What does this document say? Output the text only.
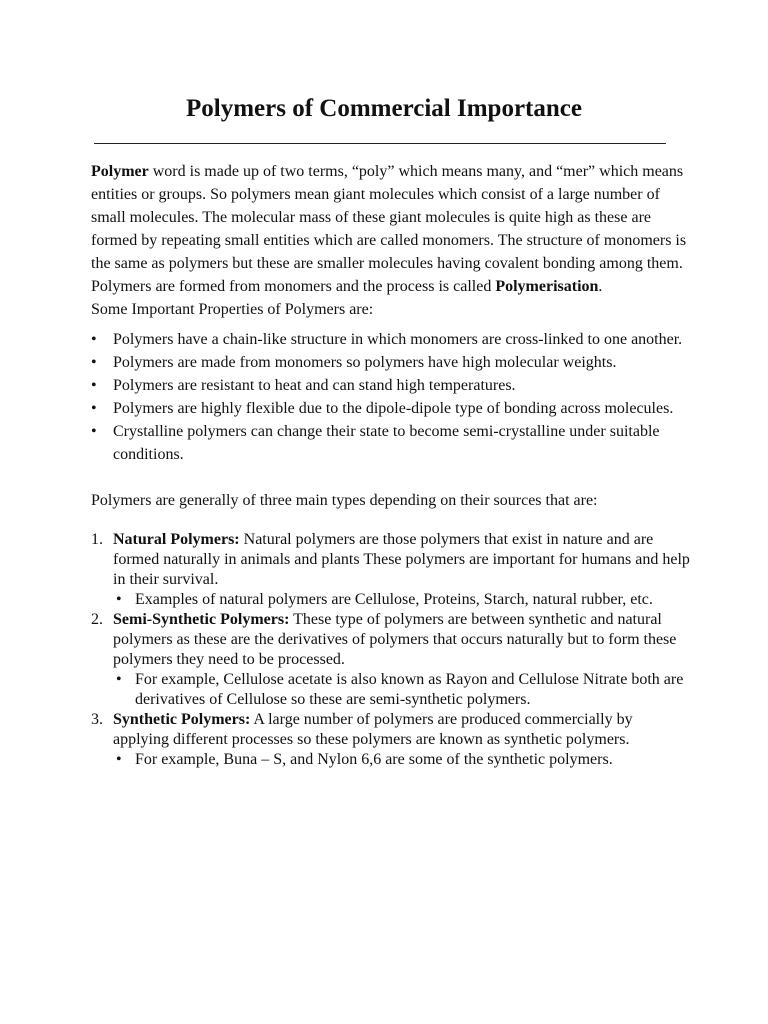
Polymers of Commercial Importance

Polymer word is made up of two terms, “poly” which means many, and “mer” which means entities or groups. So polymers mean giant molecules which consist of a large number of small molecules. The molecular mass of these giant molecules is quite high as these are formed by repeating small entities which are called monomers. The structure of monomers is the same as polymers but these are smaller molecules having covalent bonding among them. Polymers are formed from monomers and the process is called Polymerisation.

Some Important Properties of Polymers are:

• Polymers have a chain-like structure in which monomers are cross-linked to one another.
• Polymers are made from monomers so polymers have high molecular weights.
• Polymers are resistant to heat and can stand high temperatures.
• Polymers are highly flexible due to the dipole-dipole type of bonding across molecules.
• Crystalline polymers can change their state to become semi-crystalline under suitable conditions.

Polymers are generally of three main types depending on their sources that are:

1. Natural Polymers: Natural polymers are those polymers that exist in nature and are formed naturally in animals and plants These polymers are important for humans and help in their survival.
• Examples of natural polymers are Cellulose, Proteins, Starch, natural rubber, etc.
2. Semi-Synthetic Polymers: These type of polymers are between synthetic and natural polymers as these are the derivatives of polymers that occurs naturally but to form these polymers they need to be processed.
• For example, Cellulose acetate is also known as Rayon and Cellulose Nitrate both are derivatives of Cellulose so these are semi-synthetic polymers.
3. Synthetic Polymers: A large number of polymers are produced commercially by applying different processes so these polymers are known as synthetic polymers.
• For example, Buna – S, and Nylon 6,6 are some of the synthetic polymers.
